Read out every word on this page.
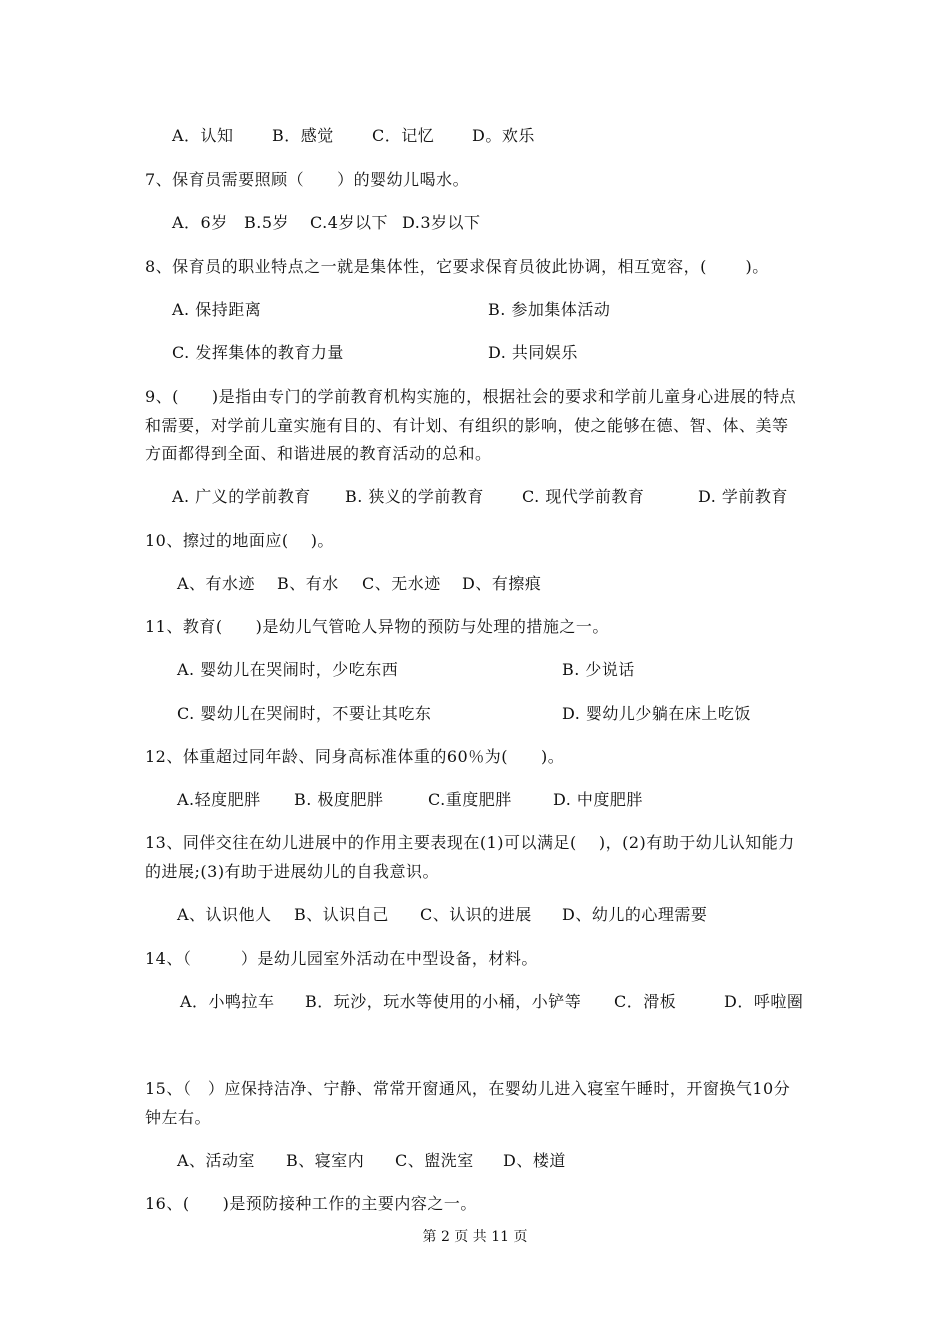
A．认知 B．感觉 C．记忆 D。欢乐
7、保育员需要照顾（　　）的婴幼儿喝水。
A．6岁 B.5岁 C.4岁以下 D.3岁以下
8、保育员的职业特点之一就是集体性，它要求保育员彼此协调，相互宽容，(　　 )。
A. 保持距离	B. 参加集体活动
C. 发挥集体的教育力量	D. 共同娱乐
9、(　　)是指由专门的学前教育机构实施的，根据社会的要求和学前儿童身心进展的特点
和需要，对学前儿童实施有目的、有计划、有组织的影响，使之能够在德、智、体、美等
方面都得到全面、和谐进展的教育活动的总和。
A. 广义的学前教育 B. 狭义的学前教育 C. 现代学前教育	D. 学前教育
10、擦过的地面应(　 )。
A、有水迹 B、有水 C、无水迹 D、有擦痕
11、教育(　　)是幼儿气管呛人异物的预防与处理的措施之一。
A. 婴幼儿在哭闹时，少吃东西	B. 少说话
C. 婴幼儿在哭闹时，不要让其吃东	D. 婴幼儿少躺在床上吃饭
12、体重超过同年龄、同身高标准体重的60％为(　　)。
A.轻度肥胖 B. 极度肥胖	C.重度肥胖	D. 中度肥胖
13、同伴交往在幼儿进展中的作用主要表现在(1)可以满足(　 )，(2)有助于幼儿认知能力
的进展;(3)有助于进展幼儿的自我意识。
A、认识他人 B、认识自己 C、认识的进展 D、幼儿的心理需要
14、（　　　）是幼儿园室外活动在中型设备，材料。
A．小鸭拉车 B．玩沙，玩水等使用的小桶，小铲等 C．滑板	D．呼啦圈
15、（　）应保持洁净、宁静、常常开窗通风，在婴幼儿进入寝室午睡时，开窗换气10分
钟左右。
A、活动室 B、寝室内 C、盥洗室 D、楼道
16、(　　)是预防接种工作的主要内容之一。
第 2 页 共 11 页
